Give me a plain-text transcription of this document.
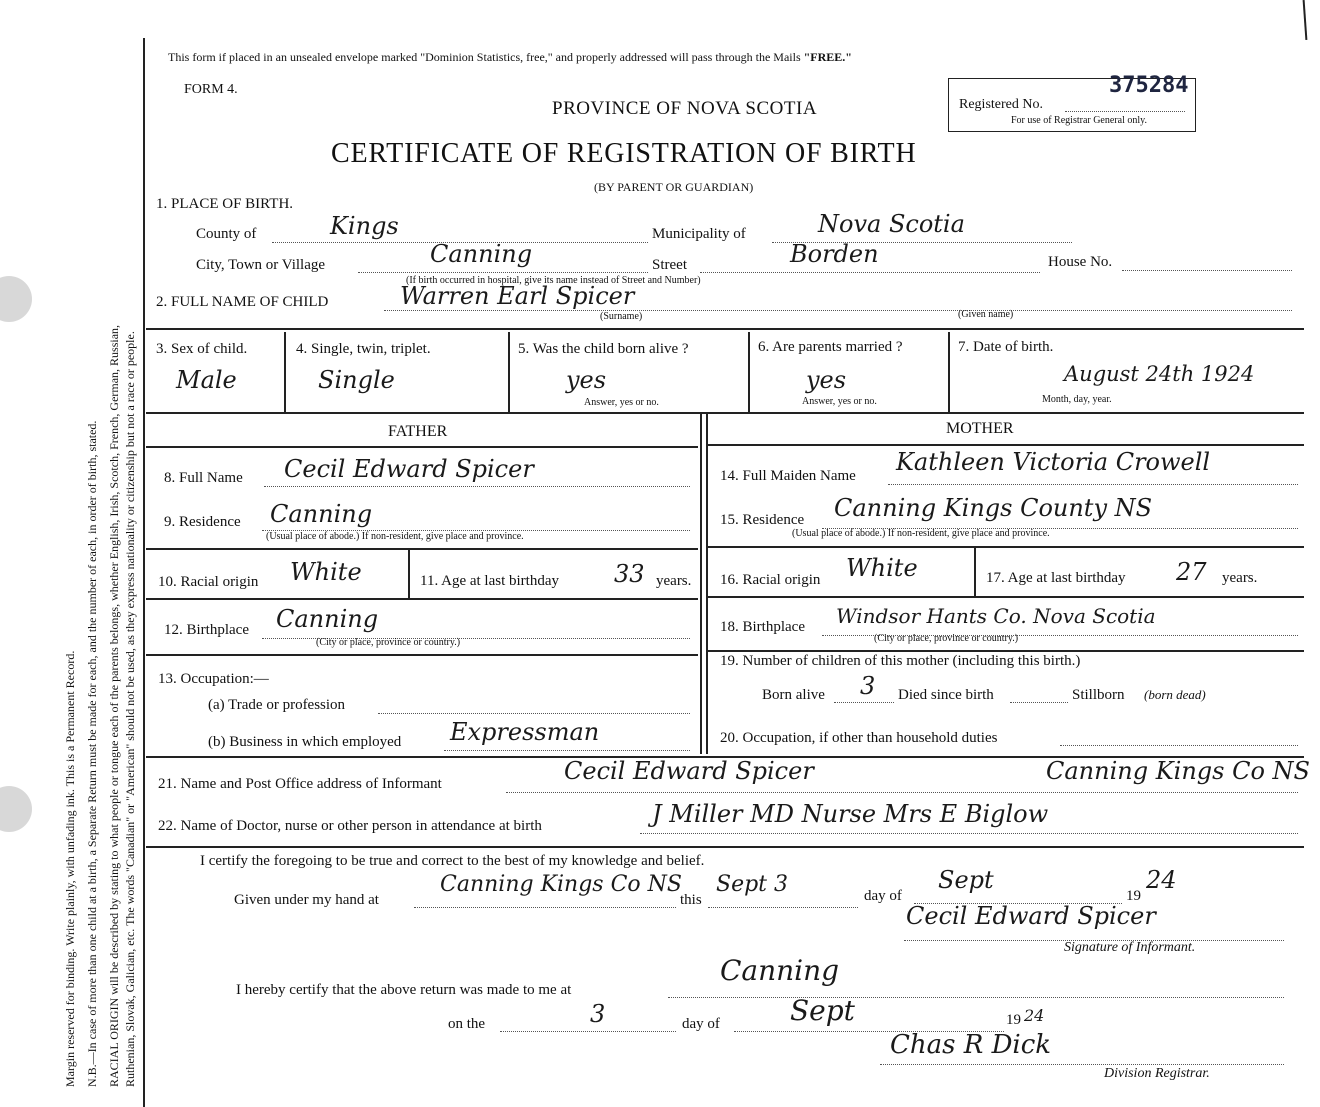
Margin reserved for binding. Write plainly, with unfading ink. This is a Permanent Record. N.B.—In case of more than one child at a birth, a Separate Return must be made for each, and the number of each, in order of birth, stated. RACIAL ORIGIN will be described by stating to what people or tongue each of the parents belongs, whether English, Irish, Scotch, French, German, Russian, Ruthenian, Slovak, Galician, etc. The words "Canadian" or "American" should not be used, as they express nationality or citizenship but not a race or people.
This form if placed in an unsealed envelope marked "Dominion Statistics, free," and properly addressed will pass through the Mails "FREE."
FORM 4.
PROVINCE OF NOVA SCOTIA
CERTIFICATE OF REGISTRATION OF BIRTH
(BY PARENT OR GUARDIAN)
Registered No.
For use of Registrar General only.
375284
1. PLACE OF BIRTH.
County of	Kings	Municipality of	Nova Scotia
City, Town or Village	Canning	Street	Borden	House No.
(If birth occurred in hospital, give its name instead of Street and Number)
2. FULL NAME OF CHILD	Warren Earl Spicer
(Surname)	(Given name)
3. Sex of child.
Male
4. Single, twin, triplet.
Single
5. Was the child born alive ?
yes
Answer, yes or no.
6. Are parents married ?
yes
Answer, yes or no.
7. Date of birth.
August 24th 1924
Month, day, year.
FATHER	MOTHER
8. Full Name Cecil Edward Spicer
9. Residence Canning
(Usual place of abode.) If non-resident, give place and province.
10. Racial origin White	11. Age at last birthday 33 years.
12. Birthplace Canning
(City or place, province or country.)
13. Occupation:—
(a) Trade or profession
(b) Business in which employed Expressman
14. Full Maiden Name Kathleen Victoria Crowell
15. Residence Canning Kings County NS
(Usual place of abode.) If non-resident, give place and province.
16. Racial origin White	17. Age at last birthday 27 years.
18. Birthplace Windsor Hants Co. Nova Scotia
(City or place, province or country.)
19. Number of children of this mother (including this birth.)
Born alive 3 Died since birth	Stillborn (born dead)
20. Occupation, if other than household duties
21. Name and Post Office address of Informant	Cecil Edward Spicer	Canning Kings Co NS
22. Name of Doctor, nurse or other person in attendance at birth	J Miller MD Nurse Mrs E Biglow
I certify the foregoing to be true and correct to the best of my knowledge and belief.
Given under my hand at
Canning Kings Co NS
this
Sept 3	day of
Sept
19
24
Cecil Edward Spicer
Signature of Informant.
I hereby certify that the above return was made to me at
Canning
on the	3	day of	Sept	19 24
Chas R Dick
Division Registrar.
